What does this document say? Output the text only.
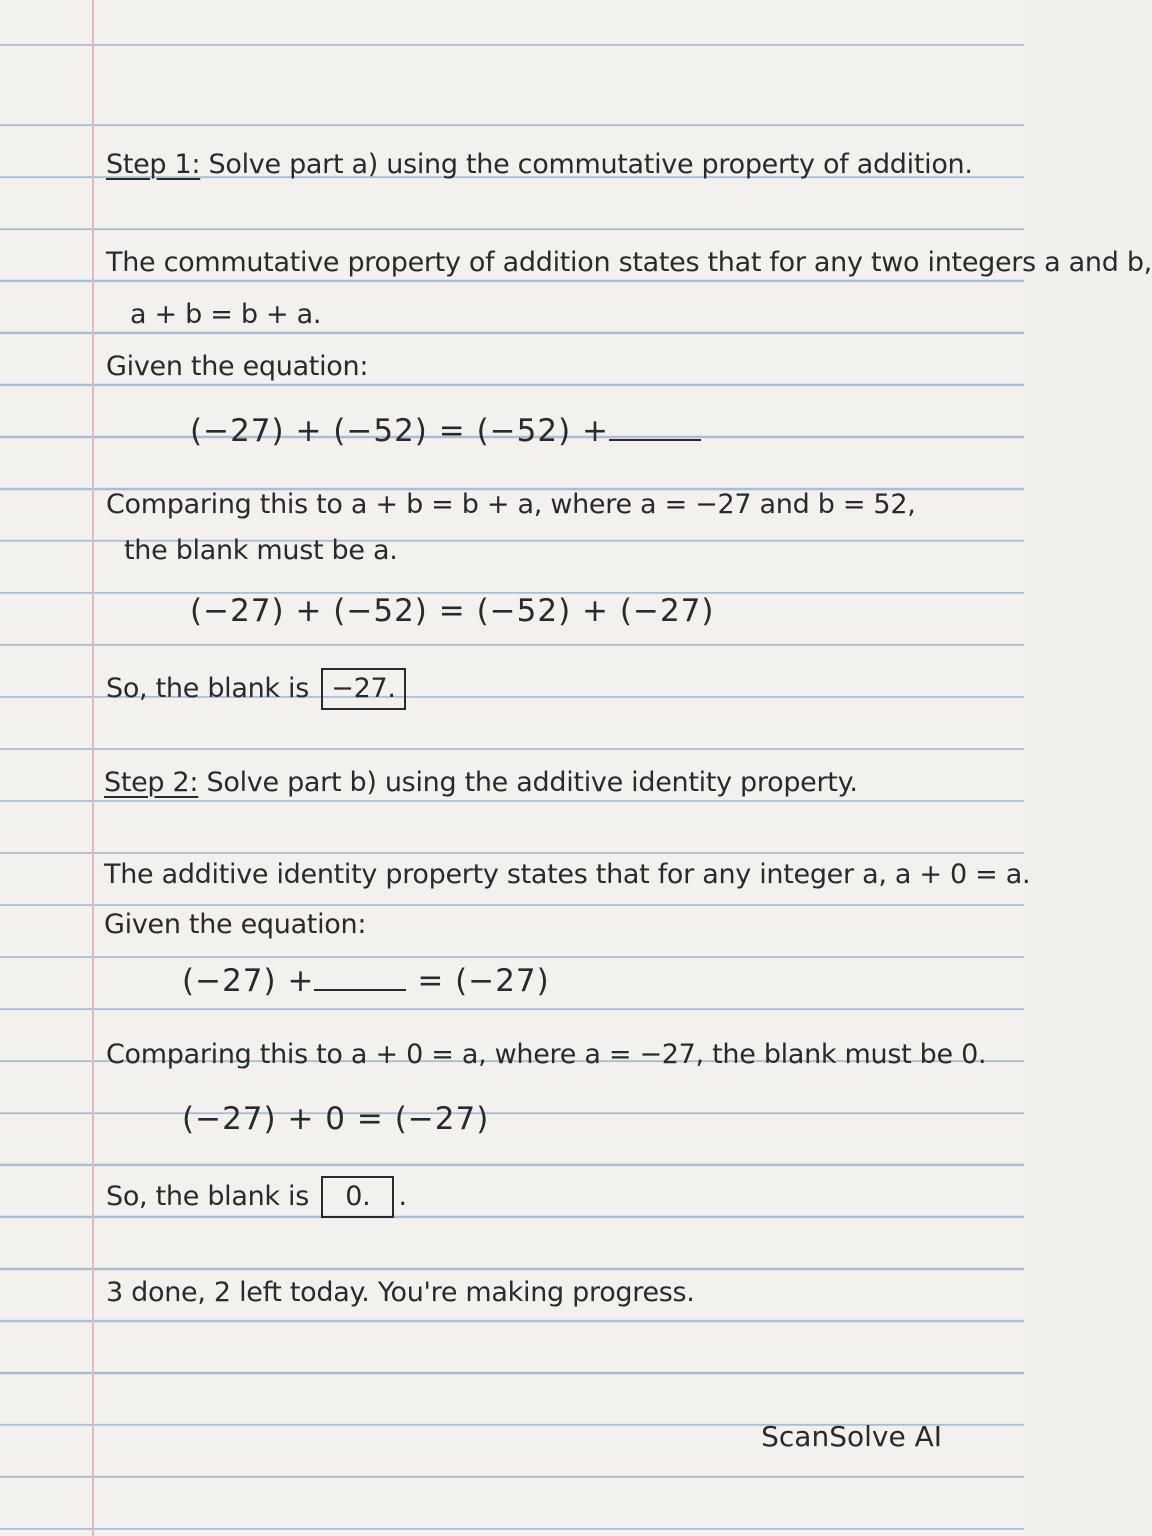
Step 1: Solve part a) using the commutative property of addition.
The commutative property of addition states that for any two integers a and b,
a + b = b + a.
Given the equation:
(−27) + (−52) = (−52) +
Comparing this to a + b = b + a, where a = −27 and b = 52,
the blank must be a.
(−27) + (−52) = (−52) + (−27)
So, the blank is −27.
Step 2: Solve part b) using the additive identity property.
The additive identity property states that for any integer a, a + 0 = a.
Given the equation:
(−27) +	= (−27)
Comparing this to a + 0 = a, where a = −27, the blank must be 0.
(−27) + 0 = (−27)
So, the blank is 0. .
3 done, 2 left today. You're making progress.
ScanSolve AI
